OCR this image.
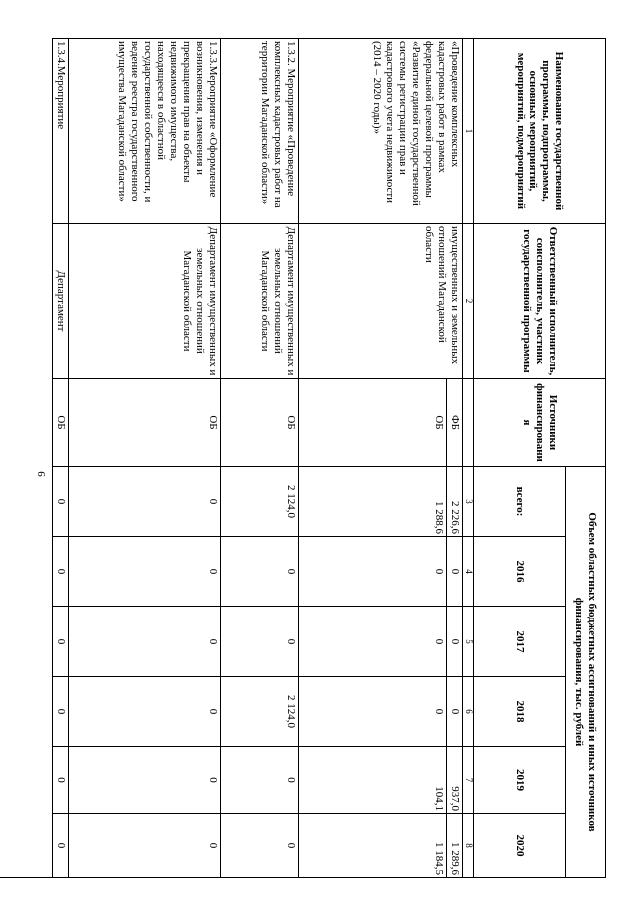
9
Наименование государственной программы, подпрограммы, основных мероприятий, мероприятий, подмероприятий	Ответственный исполнитель, соисполнитель, участник государственной программы	Источники финансирования	Объем областных бюджетных ассигнований и иных источников финансирования, тыс. рублей					
			всего:	2016	2017	2018	2019	2020
1	2		3	4	5	6	7	8
«Проведение комплексных кадастровых работ в рамках федеральной целевой программы «Развитие единой государственной системы регистрации прав и кадастрового учета недвижимости (2014 – 2020 годы)»	имущественных и земельных отношений Магаданской области	ФБ	2 226,6	0	0	0	937,0	1 289,6
		ОБ	1 288,6	0	0	0	104,1	1 184,5
1.3.2. Мероприятие «Проведение комплексных кадастровых работ на территории Магаданской области»	Департамент имущественных и земельных отношений Магаданской области	ОБ	2 124,0	0	0	2 124,0	0	0
1.3.3.Мероприятие «Оформление возникновения, изменения и прекращения прав на объекты недвижимого имущества, находящееся в областной государственной собственности, и ведение реестра государственного имущества Магаданской области»	Департамент имущественных и земельных отношений Магаданской области	ОБ	0	0	0	0	0	0
1.3.4.Мероприятие	Департамент	ОБ	0	0	0	0	0	0
